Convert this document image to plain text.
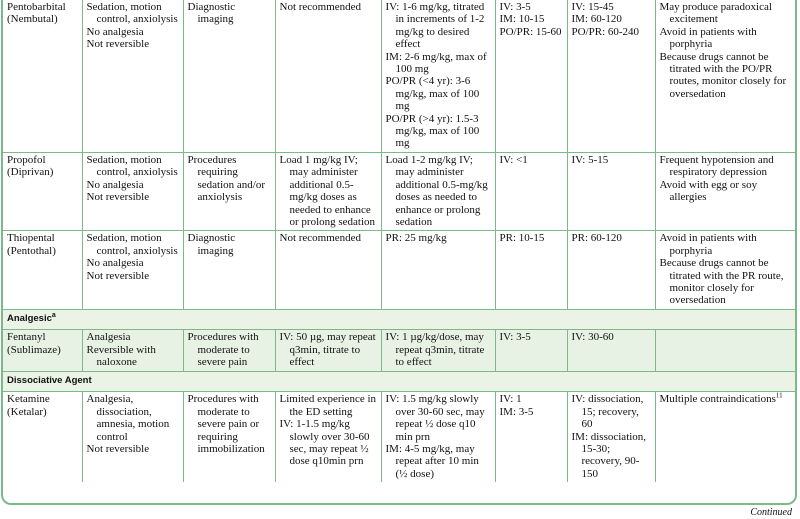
Pentobarbital
(Nembutal)	Sedation, motion control, anxiolysis
No analgesia
Not reversible	Diagnostic imaging	Not recommended	IV: 1-6 mg/kg, titrated in increments of 1-2 mg/kg to desired effect
IM: 2-6 mg/kg, max of 100 mg
PO/PR (<4 yr): 3-6 mg/kg, max of 100 mg
PO/PR (>4 yr): 1.5-3 mg/kg, max of 100 mg	IV: 3-5
IM: 10-15
PO/PR: 15-60	IV: 15-45
IM: 60-120
PO/PR: 60-240	May produce paradoxical excitement
Avoid in patients with porphyria
Because drugs cannot be titrated with the PO/PR routes, monitor closely for oversedation

Propofol
(Diprivan)	Sedation, motion control, anxiolysis
No analgesia
Not reversible	Procedures requiring sedation and/or anxiolysis	Load 1 mg/kg IV; may administer additional 0.5-mg/kg doses as needed to enhance or prolong sedation	Load 1-2 mg/kg IV; may administer additional 0.5-mg/kg doses as needed to enhance or prolong sedation	IV: <1	IV: 5-15	Frequent hypotension and respiratory depression
Avoid with egg or soy allergies

Thiopental
(Pentothal)	Sedation, motion control, anxiolysis
No analgesia
Not reversible	Diagnostic imaging	Not recommended	PR: 25 mg/kg	PR: 10-15	PR: 60-120	Avoid in patients with porphyria
Because drugs cannot be titrated with the PR route, monitor closely for oversedation

Analgesic$^a$

Fentanyl
(Sublimaze)	Analgesia
Reversible with naloxone	Procedures with moderate to severe pain	IV: 50 µg, may repeat q3min, titrate to effect	IV: 1 µg/kg/dose, may repeat q3min, titrate to effect	IV: 3-5	IV: 30-60	

Dissociative Agent							

Ketamine
(Ketalar)	Analgesia, dissociation, amnesia, motion control
Not reversible	Procedures with moderate to severe pain or requiring immobilization	Limited experience in the ED setting
IV: 1-1.5 mg/kg slowly over 30-60 sec, may repeat ½ dose q10min prn	IV: 1.5 mg/kg slowly over 30-60 sec, may repeat ½ dose q10 min prn
IM: 4-5 mg/kg, may repeat after 10 min (½ dose)	IV: 1
IM: 3-5	IV: dissociation, 15; recovery, 60
IM: dissociation, 15-30; recovery, 90-150	Multiple contraindications$^{11}$
Continued
